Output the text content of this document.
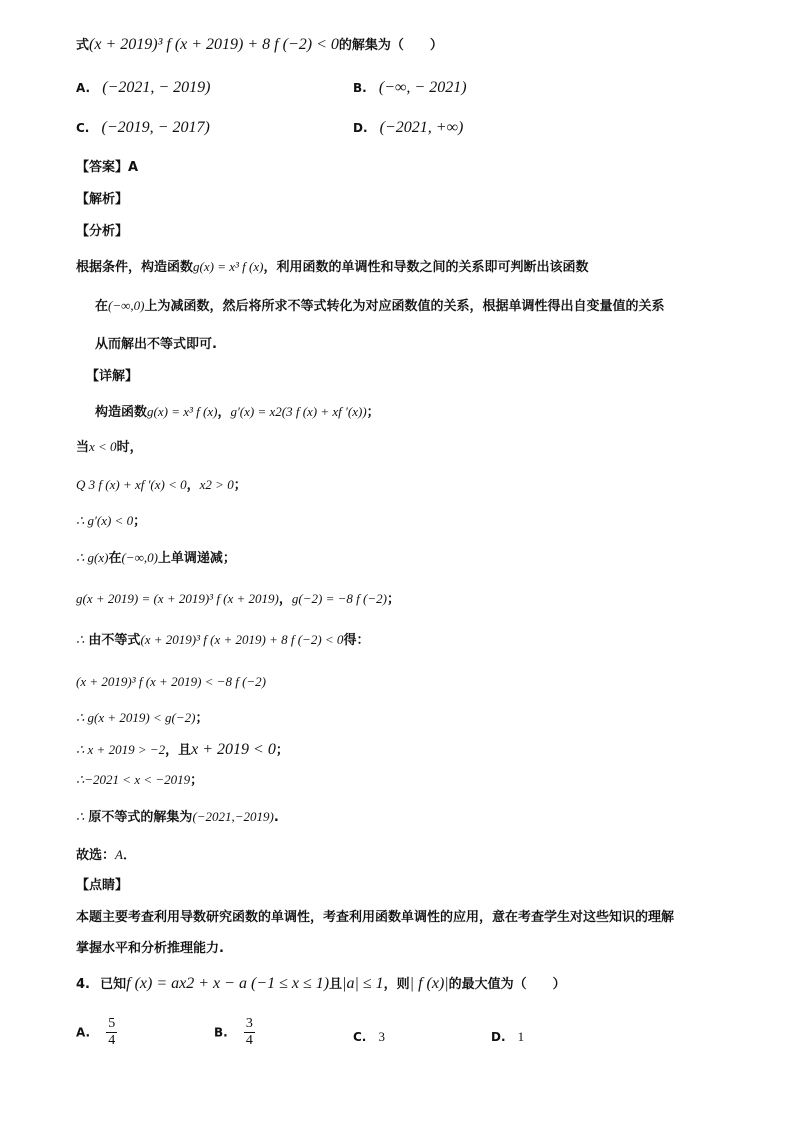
式(x + 2019)³ f (x + 2019) + 8 f (−2) < 0的解集为（　　）
A. (−2021, − 2019)	B. (−∞, − 2021)
C. (−2019, − 2017)	D. (−2021, +∞)
【答案】A
【解析】
【分析】
根据条件，构造函数g(x) = x³ f (x)，利用函数的单调性和导数之间的关系即可判断出该函数
在(−∞,0)上为减函数，然后将所求不等式转化为对应函数值的关系，根据单调性得出自变量值的关系
从而解出不等式即可.
【详解】
构造函数g(x) = x³ f (x)，g′(x) = x2(3 f (x) + xf ′(x))；
当x < 0时，
Q 3 f (x) + xf ′(x) < 0，x2 > 0；
∴ g′(x) < 0；
∴ g(x)在(−∞,0)上单调递减；
g(x + 2019) = (x + 2019)³ f (x + 2019)，g(−2) = −8 f (−2)；
∴ 由不等式(x + 2019)³ f (x + 2019) + 8 f (−2) < 0得：
(x + 2019)³ f (x + 2019) < −8 f (−2)
∴ g(x + 2019) < g(−2)；
∴ x + 2019 > −2，且x + 2019 < 0；
∴−2021 < x < −2019；
∴ 原不等式的解集为(−2021,−2019).
故选：A．
【点睛】
本题主要考查利用导数研究函数的单调性，考查利用函数单调性的应用，意在考查学生对这些知识的理解
掌握水平和分析推理能力.
4. 已知f (x) = ax2 + x − a (−1 ≤ x ≤ 1)且|a| ≤ 1，则| f (x)|的最大值为（　　）
A. $\frac{5}{4}$	B. $\frac{3}{4}$	C. 3	D. 1
